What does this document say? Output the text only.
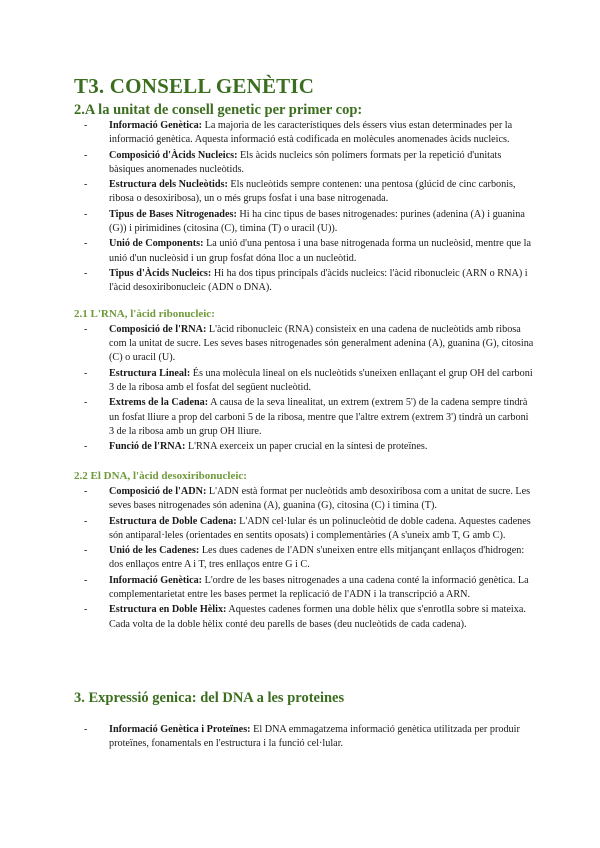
T3. CONSELL GENÈTIC
2.A la unitat de consell genetic per primer cop:
- Informació Genètica: La majoria de les característiques dels éssers vius estan determinades per la informació genètica. Aquesta informació està codificada en molècules anomenades àcids nucleics.
- Composició d'Àcids Nucleics: Els àcids nucleics són polímers formats per la repetició d'unitats bàsiques anomenades nucleòtids.
- Estructura dels Nucleòtids: Els nucleòtids sempre contenen: una pentosa (glúcid de cinc carbonis, ribosa o desoxiribosa), un o més grups fosfat i una base nitrogenada.
- Tipus de Bases Nitrogenades: Hi ha cinc tipus de bases nitrogenades: purines (adenina (A) i guanina (G)) i pirimidines (citosina (C), timina (T) o uracil (U)).
- Unió de Components: La unió d'una pentosa i una base nitrogenada forma un nucleòsid, mentre que la unió d'un nucleòsid i un grup fosfat dóna lloc a un nucleòtid.
- Tipus d'Àcids Nucleics: Hi ha dos tipus principals d'àcids nucleics: l'àcid ribonucleic (ARN o RNA) i l'àcid desoxiribonucleic (ADN o DNA).
2.1 L'RNA, l'àcid ribonucleic:
- Composició de l'RNA: L'àcid ribonucleic (RNA) consisteix en una cadena de nucleòtids amb ribosa com la unitat de sucre. Les seves bases nitrogenades són generalment adenina (A), guanina (G), citosina (C) o uracil (U).
- Estructura Lineal: És una molècula lineal on els nucleòtids s'uneixen enllaçant el grup OH del carboni 3 de la ribosa amb el fosfat del següent nucleòtid.
- Extrems de la Cadena: A causa de la seva linealitat, un extrem (extrem 5') de la cadena sempre tindrà un fosfat lliure a prop del carboni 5 de la ribosa, mentre que l'altre extrem (extrem 3') tindrà un carboni 3 de la ribosa amb un grup OH lliure.
- Funció de l'RNA: L'RNA exerceix un paper crucial en la síntesi de proteïnes.
2.2 El DNA, l'àcid desoxiribonucleic:
- Composició de l'ADN: L'ADN està format per nucleòtids amb desoxiribosa com a unitat de sucre. Les seves bases nitrogenades són adenina (A), guanina (G), citosina (C) i timina (T).
- Estructura de Doble Cadena: L'ADN cel·lular és un polinucleòtid de doble cadena. Aquestes cadenes són antiparal·leles (orientades en sentits oposats) i complementàries (A s'uneix amb T, G amb C).
- Unió de les Cadenes: Les dues cadenes de l'ADN s'uneixen entre ells mitjançant enllaços d'hidrogen: dos enllaços entre A i T, tres enllaços entre G i C.
- Informació Genètica: L'ordre de les bases nitrogenades a una cadena conté la informació genètica. La complementarietat entre les bases permet la replicació de l'ADN i la transcripció a ARN.
- Estructura en Doble Hèlix: Aquestes cadenes formen una doble hèlix que s'enrotlla sobre si mateixa. Cada volta de la doble hèlix conté deu parells de bases (deu nucleòtids de cada cadena).
3. Expressió genica: del DNA a les proteines
- Informació Genètica i Proteïnes: El DNA emmagatzema informació genètica utilitzada per produir proteïnes, fonamentals en l'estructura i la funció cel·lular.
